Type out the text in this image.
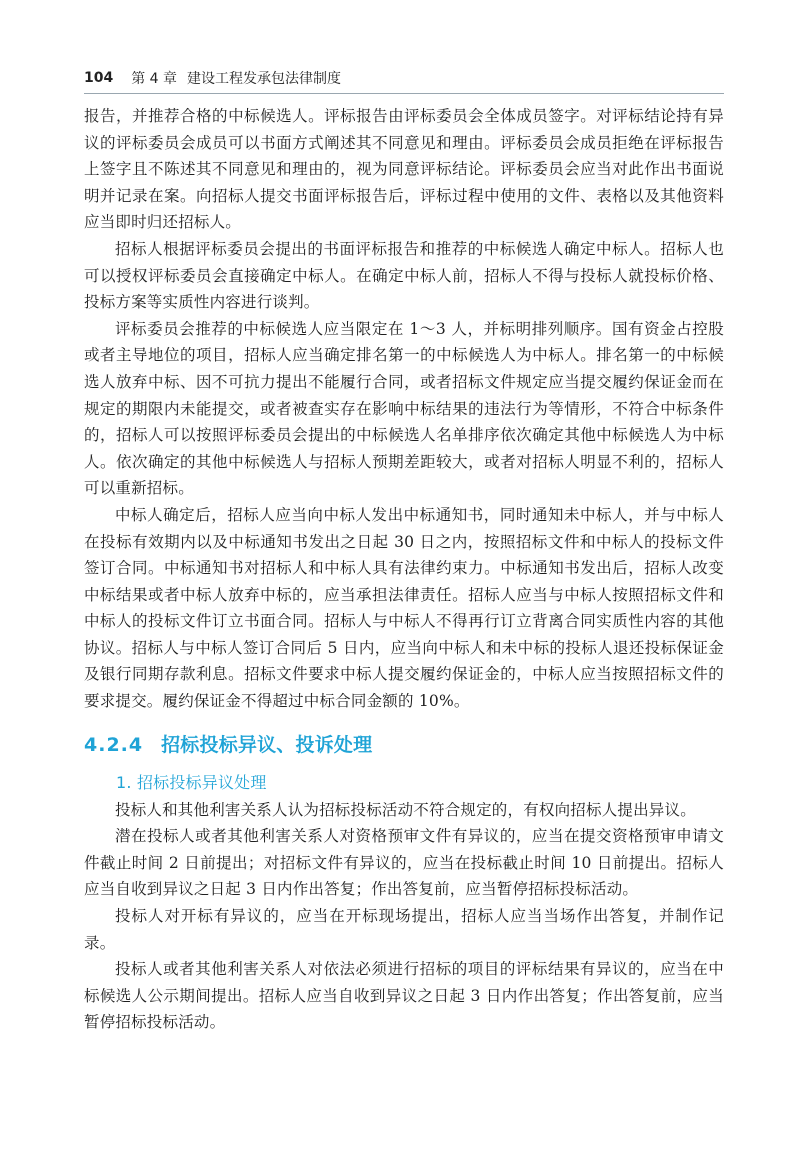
104 第 4 章 建设工程发承包法律制度

报告，并推荐合格的中标候选人。评标报告由评标委员会全体成员签字。对评标结论持有异议的评标委员会成员可以书面方式阐述其不同意见和理由。评标委员会成员拒绝在评标报告上签字且不陈述其不同意见和理由的，视为同意评标结论。评标委员会应当对此作出书面说明并记录在案。向招标人提交书面评标报告后，评标过程中使用的文件、表格以及其他资料应当即时归还招标人。

招标人根据评标委员会提出的书面评标报告和推荐的中标候选人确定中标人。招标人也可以授权评标委员会直接确定中标人。在确定中标人前，招标人不得与投标人就投标价格、投标方案等实质性内容进行谈判。

评标委员会推荐的中标候选人应当限定在 1～3 人，并标明排列顺序。国有资金占控股或者主导地位的项目，招标人应当确定排名第一的中标候选人为中标人。排名第一的中标候选人放弃中标、因不可抗力提出不能履行合同，或者招标文件规定应当提交履约保证金而在规定的期限内未能提交，或者被查实存在影响中标结果的违法行为等情形，不符合中标条件的，招标人可以按照评标委员会提出的中标候选人名单排序依次确定其他中标候选人为中标人。依次确定的其他中标候选人与招标人预期差距较大，或者对招标人明显不利的，招标人可以重新招标。

中标人确定后，招标人应当向中标人发出中标通知书，同时通知未中标人，并与中标人在投标有效期内以及中标通知书发出之日起 30 日之内，按照招标文件和中标人的投标文件签订合同。中标通知书对招标人和中标人具有法律约束力。中标通知书发出后，招标人改变中标结果或者中标人放弃中标的，应当承担法律责任。招标人应当与中标人按照招标文件和中标人的投标文件订立书面合同。招标人与中标人不得再行订立背离合同实质性内容的其他协议。招标人与中标人签订合同后 5 日内，应当向中标人和未中标的投标人退还投标保证金及银行同期存款利息。招标文件要求中标人提交履约保证金的，中标人应当按照招标文件的要求提交。履约保证金不得超过中标合同金额的 10%。

4.2.4 招标投标异议、投诉处理
1. 招标投标异议处理

投标人和其他利害关系人认为招标投标活动不符合规定的，有权向招标人提出异议。

潜在投标人或者其他利害关系人对资格预审文件有异议的，应当在提交资格预审申请文件截止时间 2 日前提出；对招标文件有异议的，应当在投标截止时间 10 日前提出。招标人应当自收到异议之日起 3 日内作出答复；作出答复前，应当暂停招标投标活动。

投标人对开标有异议的，应当在开标现场提出，招标人应当当场作出答复，并制作记录。

投标人或者其他利害关系人对依法必须进行招标的项目的评标结果有异议的，应当在中标候选人公示期间提出。招标人应当自收到异议之日起 3 日内作出答复；作出答复前，应当暂停招标投标活动。
